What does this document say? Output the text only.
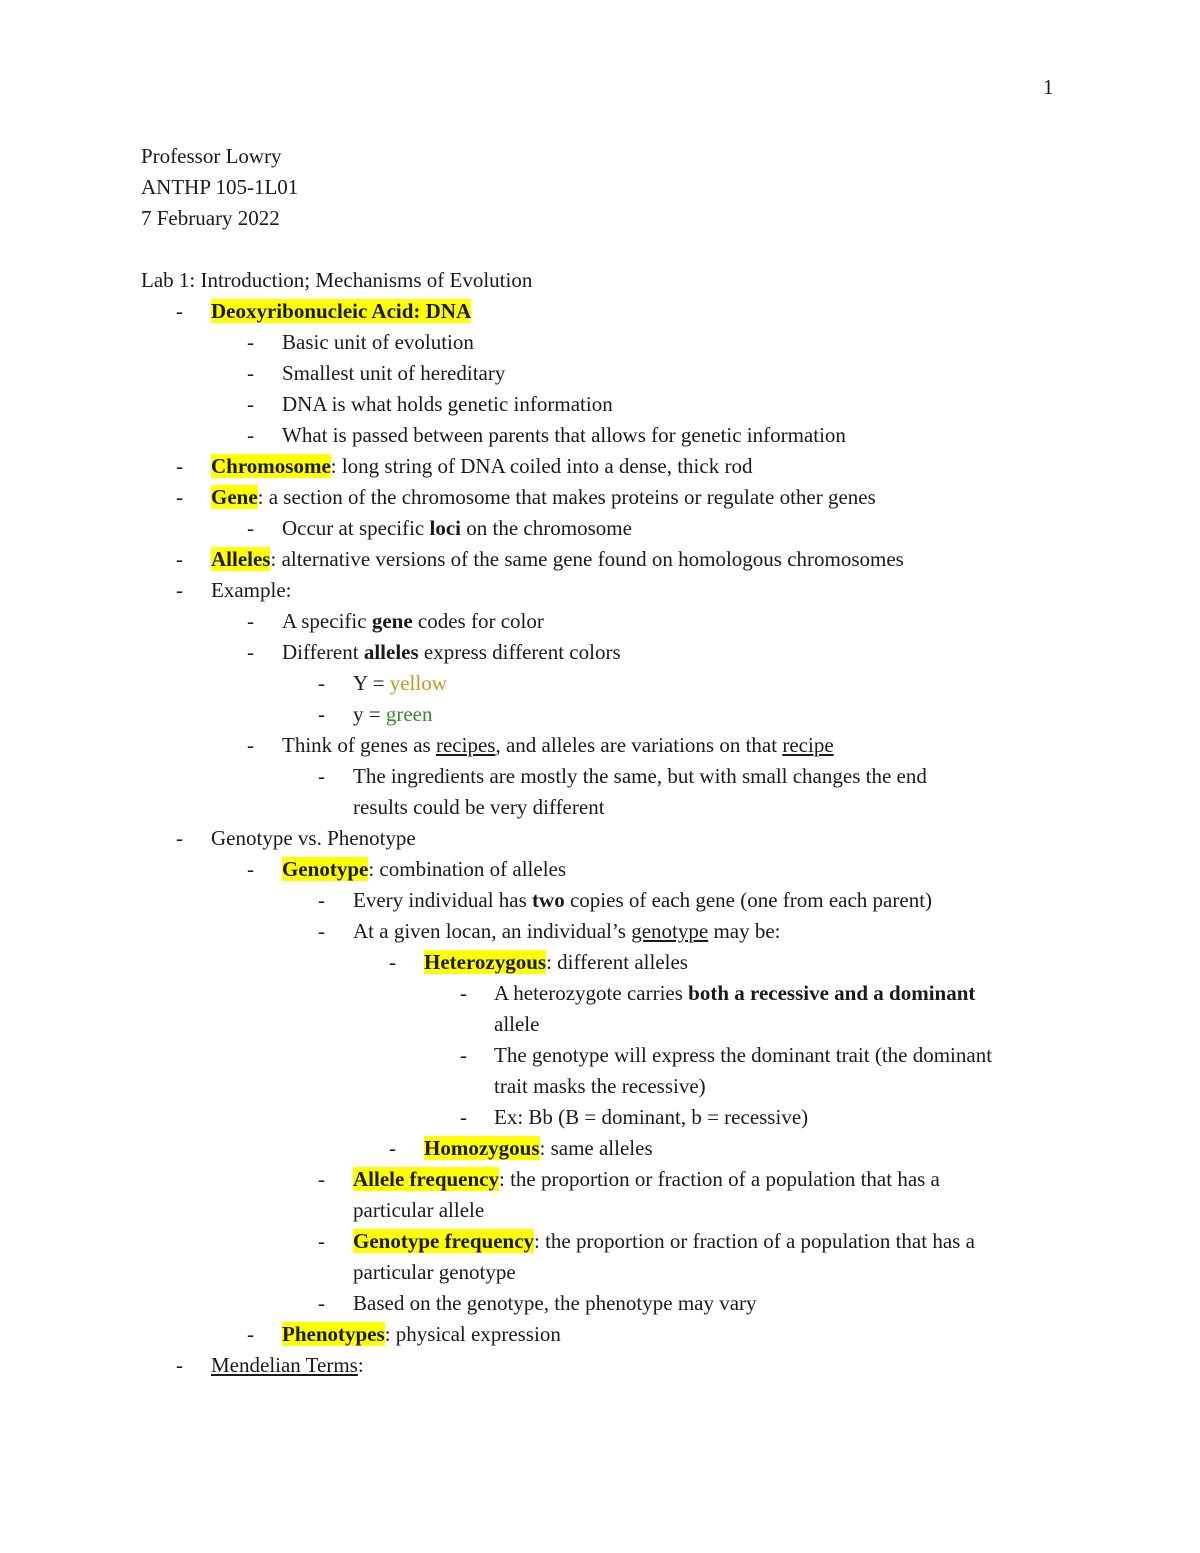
1
Professor Lowry
ANTHP 105-1L01
7 February 2022
Lab 1: Introduction; Mechanisms of Evolution
- Deoxyribonucleic Acid: DNA
- Basic unit of evolution
- Smallest unit of hereditary
- DNA is what holds genetic information
- What is passed between parents that allows for genetic information
- Chromosome: long string of DNA coiled into a dense, thick rod
- Gene: a section of the chromosome that makes proteins or regulate other genes
- Occur at specific loci on the chromosome
- Alleles: alternative versions of the same gene found on homologous chromosomes
- Example:
- A specific gene codes for color
- Different alleles express different colors
- Y = yellow
- y = green
- Think of genes as recipes, and alleles are variations on that recipe
- The ingredients are mostly the same, but with small changes the end
results could be very different
- Genotype vs. Phenotype
- Genotype: combination of alleles
- Every individual has two copies of each gene (one from each parent)
- At a given locan, an individual’s genotype may be:
- Heterozygous: different alleles
- A heterozygote carries both a recessive and a dominant
allele
- The genotype will express the dominant trait (the dominant
trait masks the recessive)
- Ex: Bb (B = dominant, b = recessive)
- Homozygous: same alleles
- Allele frequency: the proportion or fraction of a population that has a
particular allele
- Genotype frequency: the proportion or fraction of a population that has a
particular genotype
- Based on the genotype, the phenotype may vary
- Phenotypes: physical expression
- Mendelian Terms:
